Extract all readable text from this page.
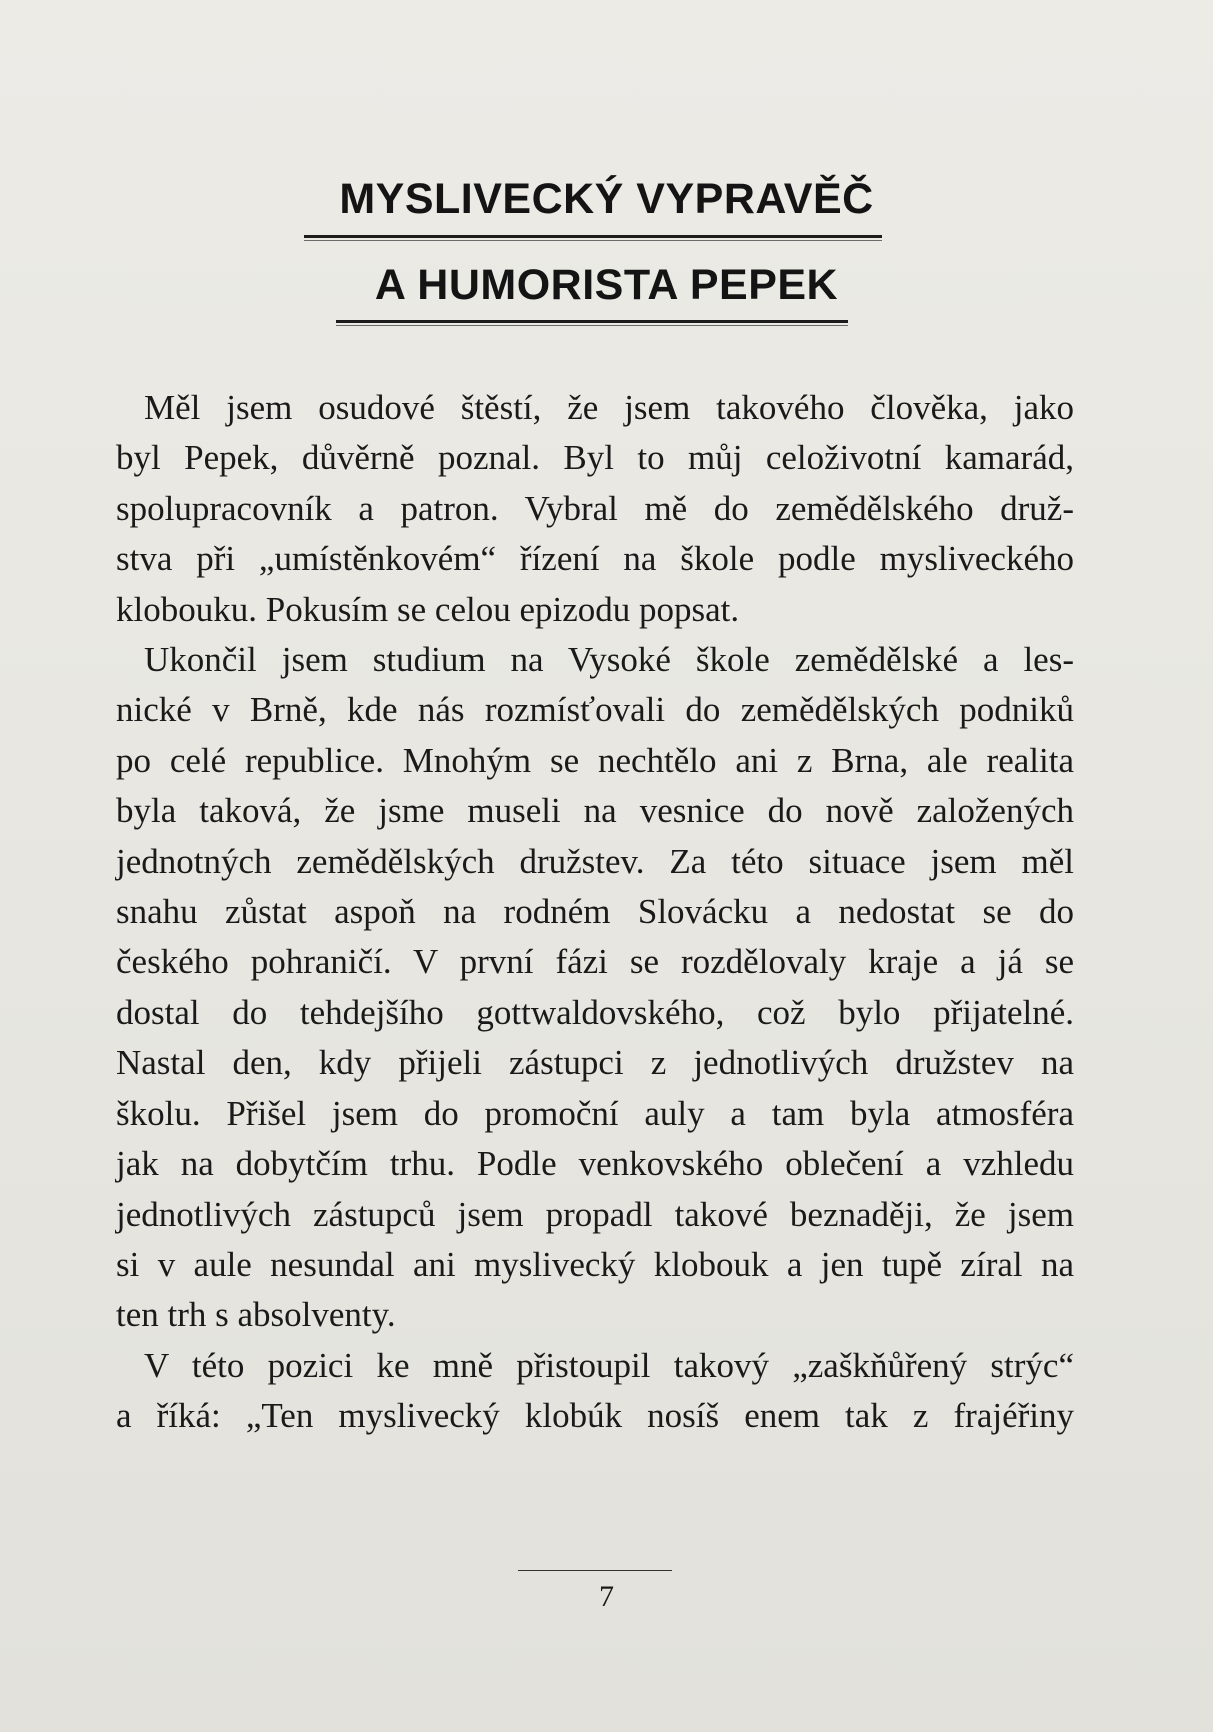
MYSLIVECKÝ VYPRAVĚČ
A HUMORISTA PEPEK
Měl jsem osudové štěstí, že jsem takového člověka, jako
byl Pepek, důvěrně poznal. Byl to můj celoživotní kamarád,
spolupracovník a patron. Vybral mě do zemědělského druž-
stva při „umístěnkovém“ řízení na škole podle mysliveckého
klobouku. Pokusím se celou epizodu popsat.
Ukončil jsem studium na Vysoké škole zemědělské a les-
nické v Brně, kde nás rozmísťovali do zemědělských podniků
po celé republice. Mnohým se nechtělo ani z Brna, ale realita
byla taková, že jsme museli na vesnice do nově založených
jednotných zemědělských družstev. Za této situace jsem měl
snahu zůstat aspoň na rodném Slovácku a nedostat se do
českého pohraničí. V první fázi se rozdělovaly kraje a já se
dostal do tehdejšího gottwaldovského, což bylo přijatelné.
Nastal den, kdy přijeli zástupci z jednotlivých družstev na
školu. Přišel jsem do promoční auly a tam byla atmosféra
jak na dobytčím trhu. Podle venkovského oblečení a vzhledu
jednotlivých zástupců jsem propadl takové beznaději, že jsem
si v aule nesundal ani myslivecký klobouk a jen tupě zíral na
ten trh s absolventy.
V této pozici ke mně přistoupil takový „zaškňůřený strýc“
a říká: „Ten myslivecký klobúk nosíš enem tak z frajéřiny
7
